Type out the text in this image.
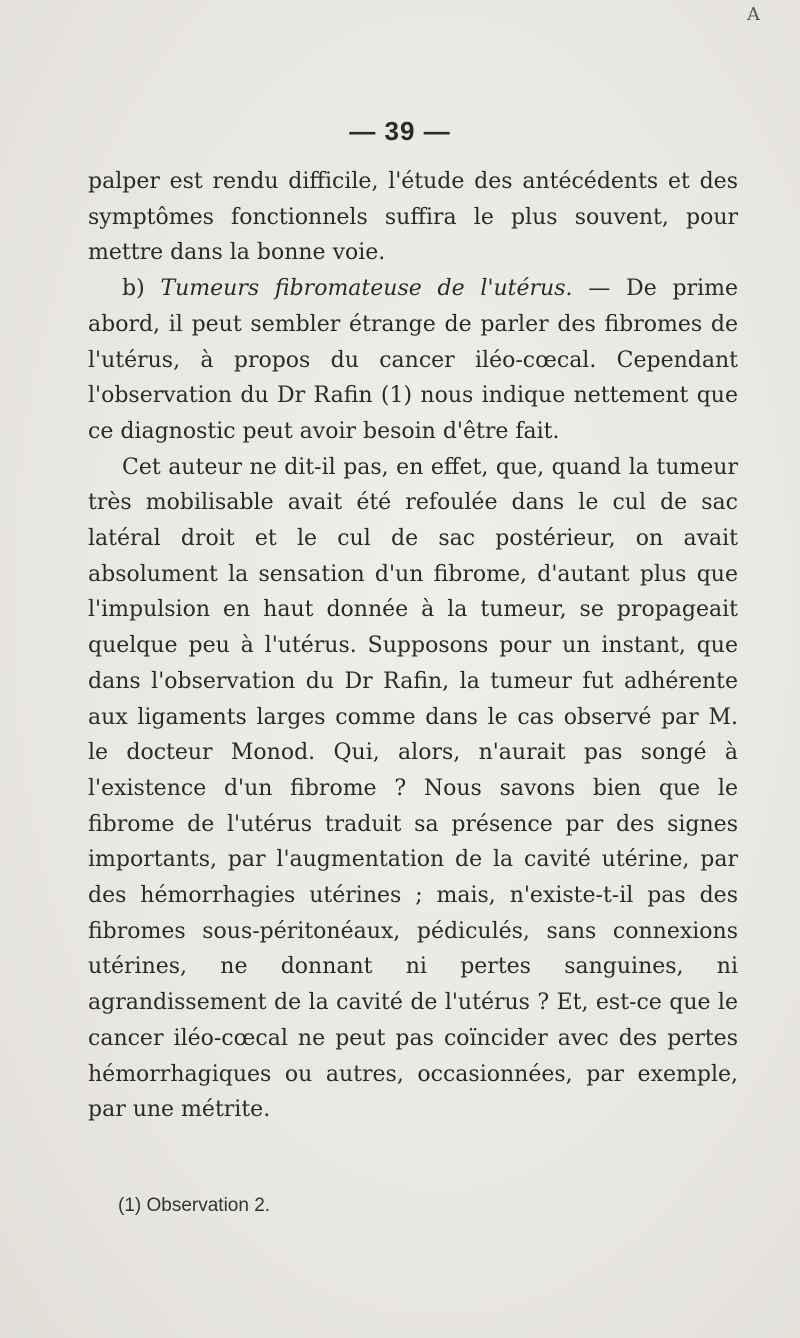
A
— 39 —

palper est rendu difficile, l'étude des antécédents et des symptômes fonctionnels suffira le plus souvent, pour mettre dans la bonne voie.

b) Tumeurs fibromateuse de l'utérus. — De prime abord, il peut sembler étrange de parler des fibromes de l'utérus, à propos du cancer iléo-cœcal. Cependant l'observation du Dr Rafin (1) nous indique nettement que ce diagnostic peut avoir besoin d'être fait.

Cet auteur ne dit-il pas, en effet, que, quand la tumeur très mobilisable avait été refoulée dans le cul de sac latéral droit et le cul de sac postérieur, on avait absolument la sensation d'un fibrome, d'autant plus que l'impulsion en haut donnée à la tumeur, se propageait quelque peu à l'utérus. Supposons pour un instant, que dans l'observation du Dr Rafin, la tumeur fut adhérente aux ligaments larges comme dans le cas observé par M. le docteur Monod. Qui, alors, n'aurait pas songé à l'existence d'un fibrome ? Nous savons bien que le fibrome de l'utérus traduit sa présence par des signes importants, par l'augmentation de la cavité utérine, par des hémorrhagies utérines ; mais, n'existe-t-il pas des fibromes sous-péritonéaux, pédiculés, sans connexions utérines, ne donnant ni pertes sanguines, ni agrandissement de la cavité de l'utérus ? Et, est-ce que le cancer iléo-cœcal ne peut pas coïncider avec des pertes hémorrhagiques ou autres, occasionnées, par exemple, par une métrite.

(1) Observation 2.
